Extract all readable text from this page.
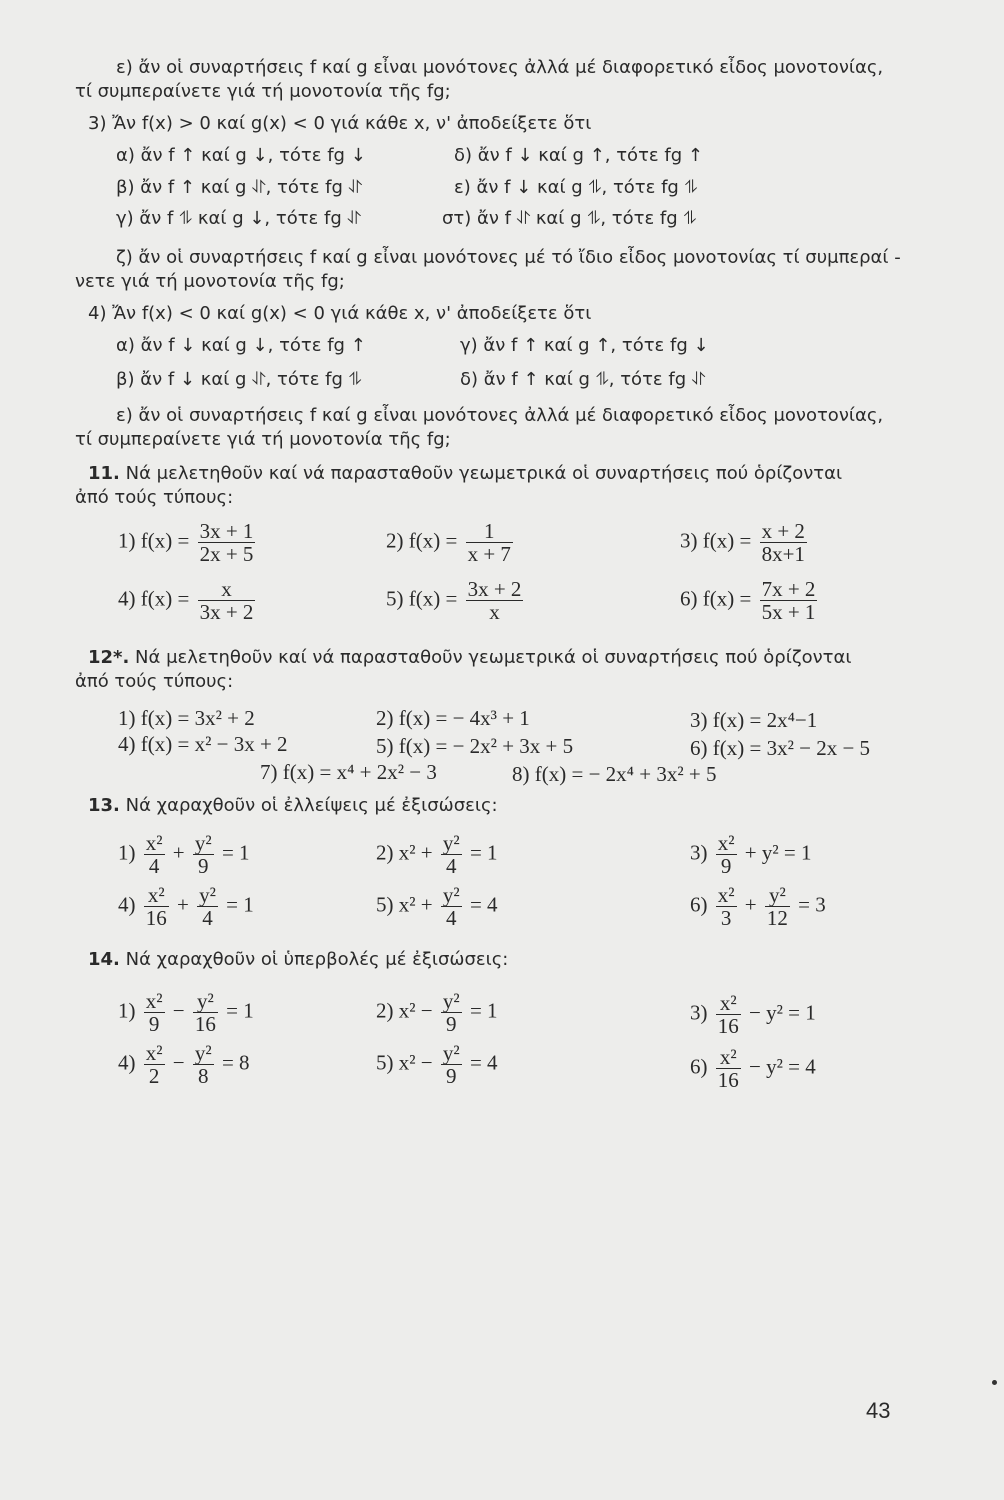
ε) ἄν οἱ συναρτήσεις f καί g εἶναι μονότονες ἀλλά μέ διαφορετικό εἶδος μονοτονίας,
τί συμπεραίνετε γιά τή μονοτονία τῆς fg;
3) Ἄν f(x) > 0 καί g(x) < 0 γιά κάθε x, ν' ἀποδείξετε ὅτι
α) ἄν f ↑ καί g ↓, τότε fg ↓	δ) ἄν f ↓ καί g ↑, τότε fg ↑
β) ἄν f ↑ καί g ⥯, τότε fg ⥯	ε) ἄν f ↓ καί g ⥮, τότε fg ⥮
γ) ἄν f ⥮ καί g ↓, τότε fg ⥯	στ) ἄν f ⥯ καί g ⥮, τότε fg ⥮
ζ) ἄν οἱ συναρτήσεις f καί g εἶναι μονότονες μέ τό ἴδιο εἶδος μονοτονίας τί συμπεραί -
νετε γιά τή μονοτονία τῆς fg;
4) Ἄν f(x) < 0 καί g(x) < 0 γιά κάθε x, ν' ἀποδείξετε ὅτι
α) ἄν f ↓ καί g ↓, τότε fg ↑	γ) ἄν f ↑ καί g ↑, τότε fg ↓
β) ἄν f ↓ καί g ⥯, τότε fg ⥮	δ) ἄν f ↑ καί g ⥮, τότε fg ⥯
ε) ἄν οἱ συναρτήσεις f καί g εἶναι μονότονες ἀλλά μέ διαφορετικό εἶδος μονοτονίας,
τί συμπεραίνετε γιά τή μονοτονία τῆς fg;
11. Νά μελετηθοῦν καί νά παρασταθοῦν γεωμετρικά οἱ συναρτήσεις πού ὁρίζονται
ἀπό τούς τύπους:
1) $f(x) = \frac{3x + 1}{2x + 5}$	2) $f(x) = \frac{1}{x + 7}$	3) $f(x) = \frac{x + 2}{8x+1}$
4) $f(x) = \frac{x}{3x + 2}$	5) $f(x) = \frac{3x + 2}{x}$	6) $f(x) = \frac{7x + 2}{5x + 1}$
12*. Νά μελετηθοῦν καί νά παρασταθοῦν γεωμετρικά οἱ συναρτήσεις πού ὁρίζονται
ἀπό τούς τύπους:
1) f(x) = 3x² + 2	2) f(x) = − 4x³ + 1	3) f(x) = 2x⁴−1
4) f(x) = x² − 3x + 2	5) f(x) = − 2x² + 3x + 5	6) f(x) = 3x² − 2x − 5
7) f(x) = x⁴ + 2x² − 3	8) f(x) = − 2x⁴ + 3x² + 5
13. Νά χαραχθοῦν οἱ ἐλλείψεις μέ ἐξισώσεις:
$1) \frac{\text{x²}}{4} + \frac{\text{y²}}{9} = 1$	2) $x^2 + \frac{\text{y²}}{4} = 1$	$3) \frac{\text{x²}}{9} + y^2 = 1$
$4) \frac{\text{x²}}{16} + \frac{\text{y²}}{4} = 1$	5) $x^2 + \frac{\text{y²}}{4} = 4$	$6) \frac{\text{x²}}{3} + \frac{\text{y²}}{12} = 3$
14. Νά χαραχθοῦν οἱ ὑπερβολές μέ ἐξισώσεις:
$1) \frac{\text{x²}}{9} - \frac{\text{y²}}{16} = 1$	2) $x^2 - \frac{\text{y²}}{9} = 1$	$3) \frac{\text{x²}}{16} - y^2 = 1$
$4) \frac{\text{x²}}{2} - \frac{\text{y²}}{8} = 8$	5) $x^2 - \frac{\text{y²}}{9} = 4$	$6) \frac{\text{x²}}{16} - y^2 = 4$
43
